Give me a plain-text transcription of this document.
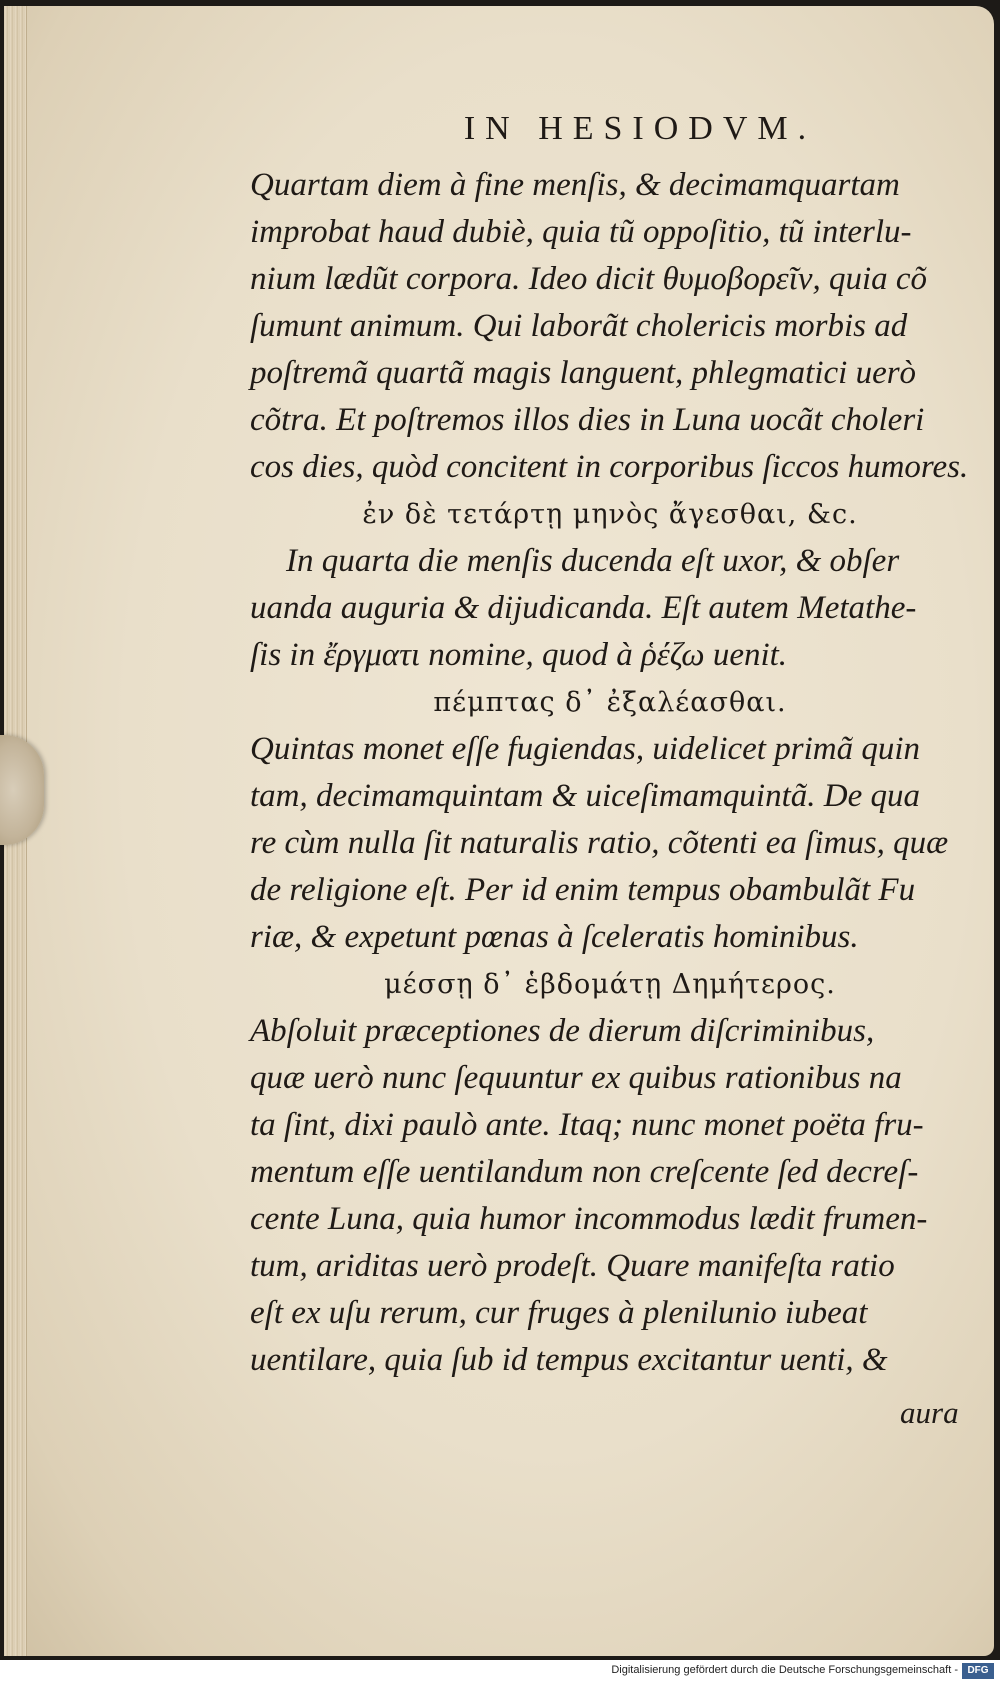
IN HESIODVM.

Quartam diem à fine menſis, & decimamquartam

improbat haud dubiè, quia tũ oppoſitio, tũ interlu-

nium lædũt corpora. Ideo dicit θυμοβορεῖν, quia cõ

ſumunt animum. Qui laborãt cholericis morbis ad

poſtremã quartã magis languent, phlegmatici uerò

cõtra. Et poſtremos illos dies in Luna uocãt choleri

cos dies, quòd concitent in corporibus ſiccos humores.

ἐν δὲ τετάρτῃ μηνὸς ἄγεσθαι, &c.

In quarta die menſis ducenda eſt uxor, & obſer

uanda auguria & dijudicanda. Eſt autem Metathe-

ſis in ἔργματι nomine, quod à ῥέζω uenit.

πέμπτας δ᾽ ἐξαλέασθαι.

Quintas monet eſſe fugiendas, uidelicet primã quin

tam, decimamquintam & uiceſimamquintã. De qua

re cùm nulla ſit naturalis ratio, cõtenti ea ſimus, quæ

de religione eſt. Per id enim tempus obambulãt Fu

riæ, & expetunt pœnas à ſceleratis hominibus.

μέσσῃ δ᾽ ἑβδομάτῃ Δημήτερος.

Abſoluit præceptiones de dierum diſcriminibus,

quæ uerò nunc ſequuntur ex quibus rationibus na

ta ſint, dixi paulò ante. Itaq; nunc monet poëta fru-

mentum eſſe uentilandum non creſcente ſed decreſ-

cente Luna, quia humor incommodus lædit frumen-

tum, ariditas uerò prodeſt. Quare manifeſta ratio

eſt ex uſu rerum, cur fruges à plenilunio iubeat

uentilare, quia ſub id tempus excitantur uenti, &

aura
Digitalisierung gefördert durch die Deutsche Forschungsgemeinschaft - DFG
